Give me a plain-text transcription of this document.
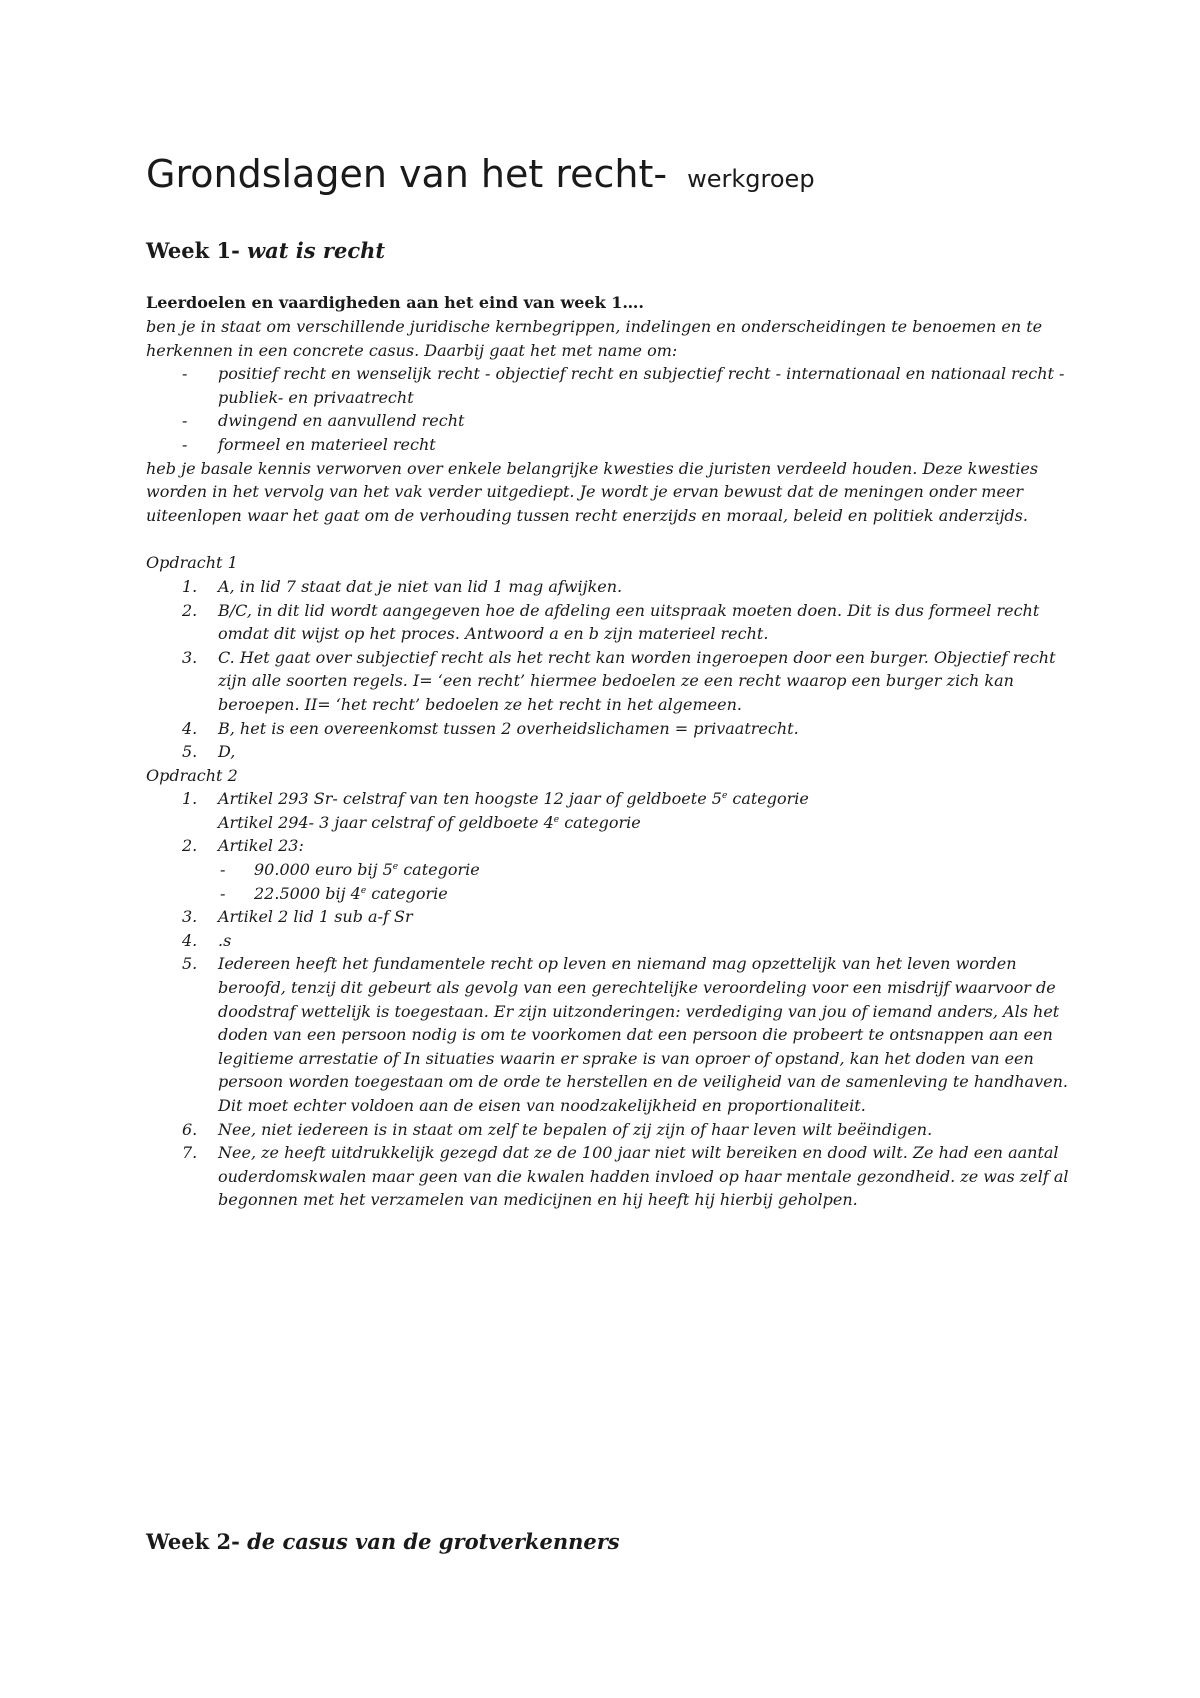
Grondslagen van het recht- werkgroep
Week 1- wat is recht

Leerdoelen en vaardigheden aan het eind van week 1….

ben je in staat om verschillende juridische kernbegrippen, indelingen en onderscheidingen te benoemen en te herkennen in een concrete casus. Daarbij gaat het met name om:

- positief recht en wenselijk recht - objectief recht en subjectief recht - internationaal en nationaal recht - publiek- en privaatrecht
- dwingend en aanvullend recht
- formeel en materieel recht

heb je basale kennis verworven over enkele belangrijke kwesties die juristen verdeeld houden. Deze kwesties worden in het vervolg van het vak verder uitgediept. Je wordt je ervan bewust dat de meningen onder meer uiteenlopen waar het gaat om de verhouding tussen recht enerzijds en moraal, beleid en politiek anderzijds.

Opdracht 1

1.	A, in lid 7 staat dat je niet van lid 1 mag afwijken.
2.	B/C, in dit lid wordt aangegeven hoe de afdeling een uitspraak moeten doen. Dit is dus formeel recht omdat dit wijst op het proces. Antwoord a en b zijn materieel recht.
3.	C. Het gaat over subjectief recht als het recht kan worden ingeroepen door een burger. Objectief recht zijn alle soorten regels. I= ‘een recht’ hiermee bedoelen ze een recht waarop een burger zich kan beroepen. II= ‘het recht’ bedoelen ze het recht in het algemeen.
4.	B, het is een overeenkomst tussen 2 overheidslichamen = privaatrecht.
5.	D,

Opdracht 2

1.	Artikel 293 Sr- celstraf van ten hoogste 12 jaar of geldboete 5e categorie
Artikel 294- 3 jaar celstraf of geldboete 4e categorie
2.	Artikel 23:
- 90.000 euro bij 5e categorie
- 22.5000 bij 4e categorie
3.	Artikel 2 lid 1 sub a-f Sr
4.	.s
5.	Iedereen heeft het fundamentele recht op leven en niemand mag opzettelijk van het leven worden beroofd, tenzij dit gebeurt als gevolg van een gerechtelijke veroordeling voor een misdrijf waarvoor de doodstraf wettelijk is toegestaan. Er zijn uitzonderingen: verdediging van jou of iemand anders, Als het doden van een persoon nodig is om te voorkomen dat een persoon die probeert te ontsnappen aan een legitieme arrestatie of In situaties waarin er sprake is van oproer of opstand, kan het doden van een persoon worden toegestaan om de orde te herstellen en de veiligheid van de samenleving te handhaven. Dit moet echter voldoen aan de eisen van noodzakelijkheid en proportionaliteit.
6.	Nee, niet iedereen is in staat om zelf te bepalen of zij zijn of haar leven wilt beëindigen.
7.	Nee, ze heeft uitdrukkelijk gezegd dat ze de 100 jaar niet wilt bereiken en dood wilt. Ze had een aantal ouderdomskwalen maar geen van die kwalen hadden invloed op haar mentale gezondheid. ze was zelf al begonnen met het verzamelen van medicijnen en hij heeft hij hierbij geholpen.
Week 2- de casus van de grotverkenners
